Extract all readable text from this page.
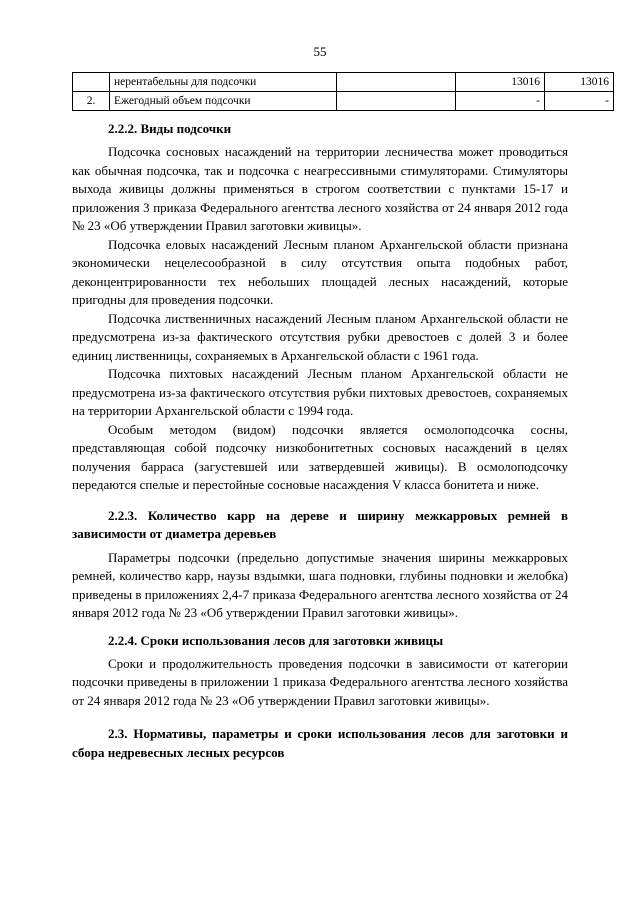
55
	нерентабельны для подсочки		13016	13016
2.	Ежегодный объем подсочки		-	-
2.2.2. Виды подсочки

Подсочка сосновых насаждений на территории лесничества может проводиться как обычная подсочка, так и подсочка с неагрессивными стимуляторами. Стимуляторы выхода живицы должны применяться в строгом соответствии с пунктами 15-17 и приложения 3 приказа Федерального агентства лесного хозяйства от 24 января 2012 года № 23 «Об утверждении Правил заготовки живицы».

Подсочка еловых насаждений Лесным планом Архангельской области признана экономически нецелесообразной в силу отсутствия опыта подобных работ, деконцентрированности тех небольших площадей лесных насаждений, которые пригодны для проведения подсочки.

Подсочка лиственничных насаждений Лесным планом Архангельской области не предусмотрена из-за фактического отсутствия рубки древостоев с долей 3 и более единиц лиственницы, сохраняемых в Архангельской области с 1961 года.

Подсочка пихтовых насаждений Лесным планом Архангельской области не предусмотрена из-за фактического отсутствия рубки пихтовых древостоев, сохраняемых на территории Архангельской области с 1994 года.

Особым методом (видом) подсочки является осмолоподсочка сосны, представляющая собой подсочку низкобонитетных сосновых насаждений в целях получения барраса (загустевшей или затвердевшей живицы). В осмолоподсочку передаются спелые и перестойные сосновые насаждения V класса бонитета и ниже.

2.2.3. Количество карр на дереве и ширину межкарровых ремней в зависимости от диаметра деревьев

Параметры подсочки (предельно допустимые значения ширины межкарровых ремней, количество карр, наузы вздымки, шага подновки, глубины подновки и желобка) приведены в приложениях 2,4-7 приказа Федерального агентства лесного хозяйства от 24 января 2012 года № 23 «Об утверждении Правил заготовки живицы».

2.2.4. Сроки использования лесов для заготовки живицы

Сроки и продолжительность проведения подсочки в зависимости от категории подсочки приведены в приложении 1 приказа Федерального агентства лесного хозяйства от 24 января 2012 года № 23 «Об утверждении Правил заготовки живицы».

2.3. Нормативы, параметры и сроки использования лесов для заготовки и сбора недревесных лесных ресурсов
